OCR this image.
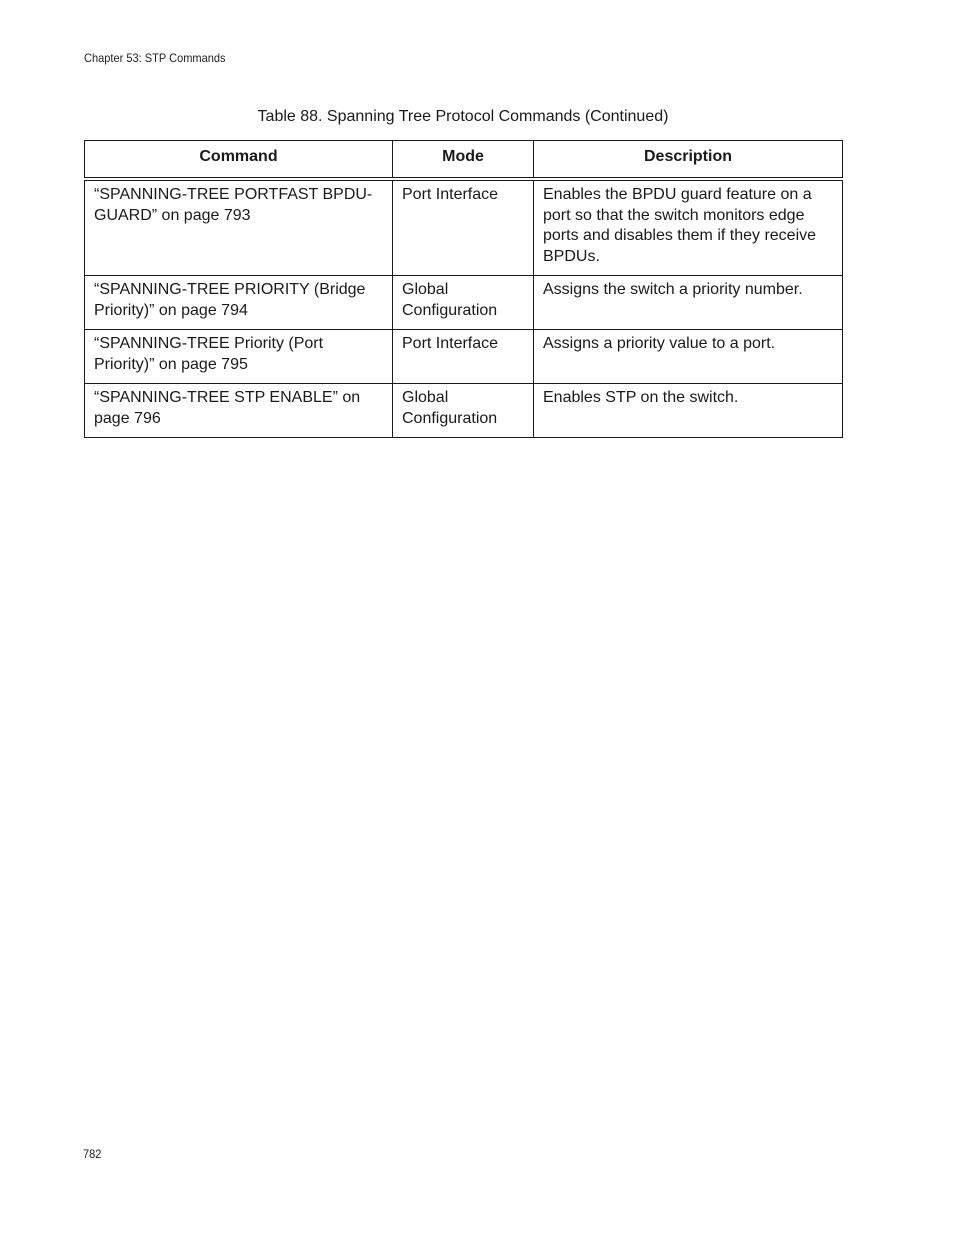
Chapter 53: STP Commands
Table 88. Spanning Tree Protocol Commands (Continued)
Command	Mode	Description
“SPANNING-TREE PORTFAST BPDU-GUARD” on page 793	Port Interface	Enables the BPDU guard feature on a port so that the switch monitors edge ports and disables them if they receive BPDUs.
“SPANNING-TREE PRIORITY (Bridge Priority)” on page 794	Global Configuration	Assigns the switch a priority number.
“SPANNING-TREE Priority (Port Priority)” on page 795	Port Interface	Assigns a priority value to a port.
“SPANNING-TREE STP ENABLE” on page 796	Global Configuration	Enables STP on the switch.
782
